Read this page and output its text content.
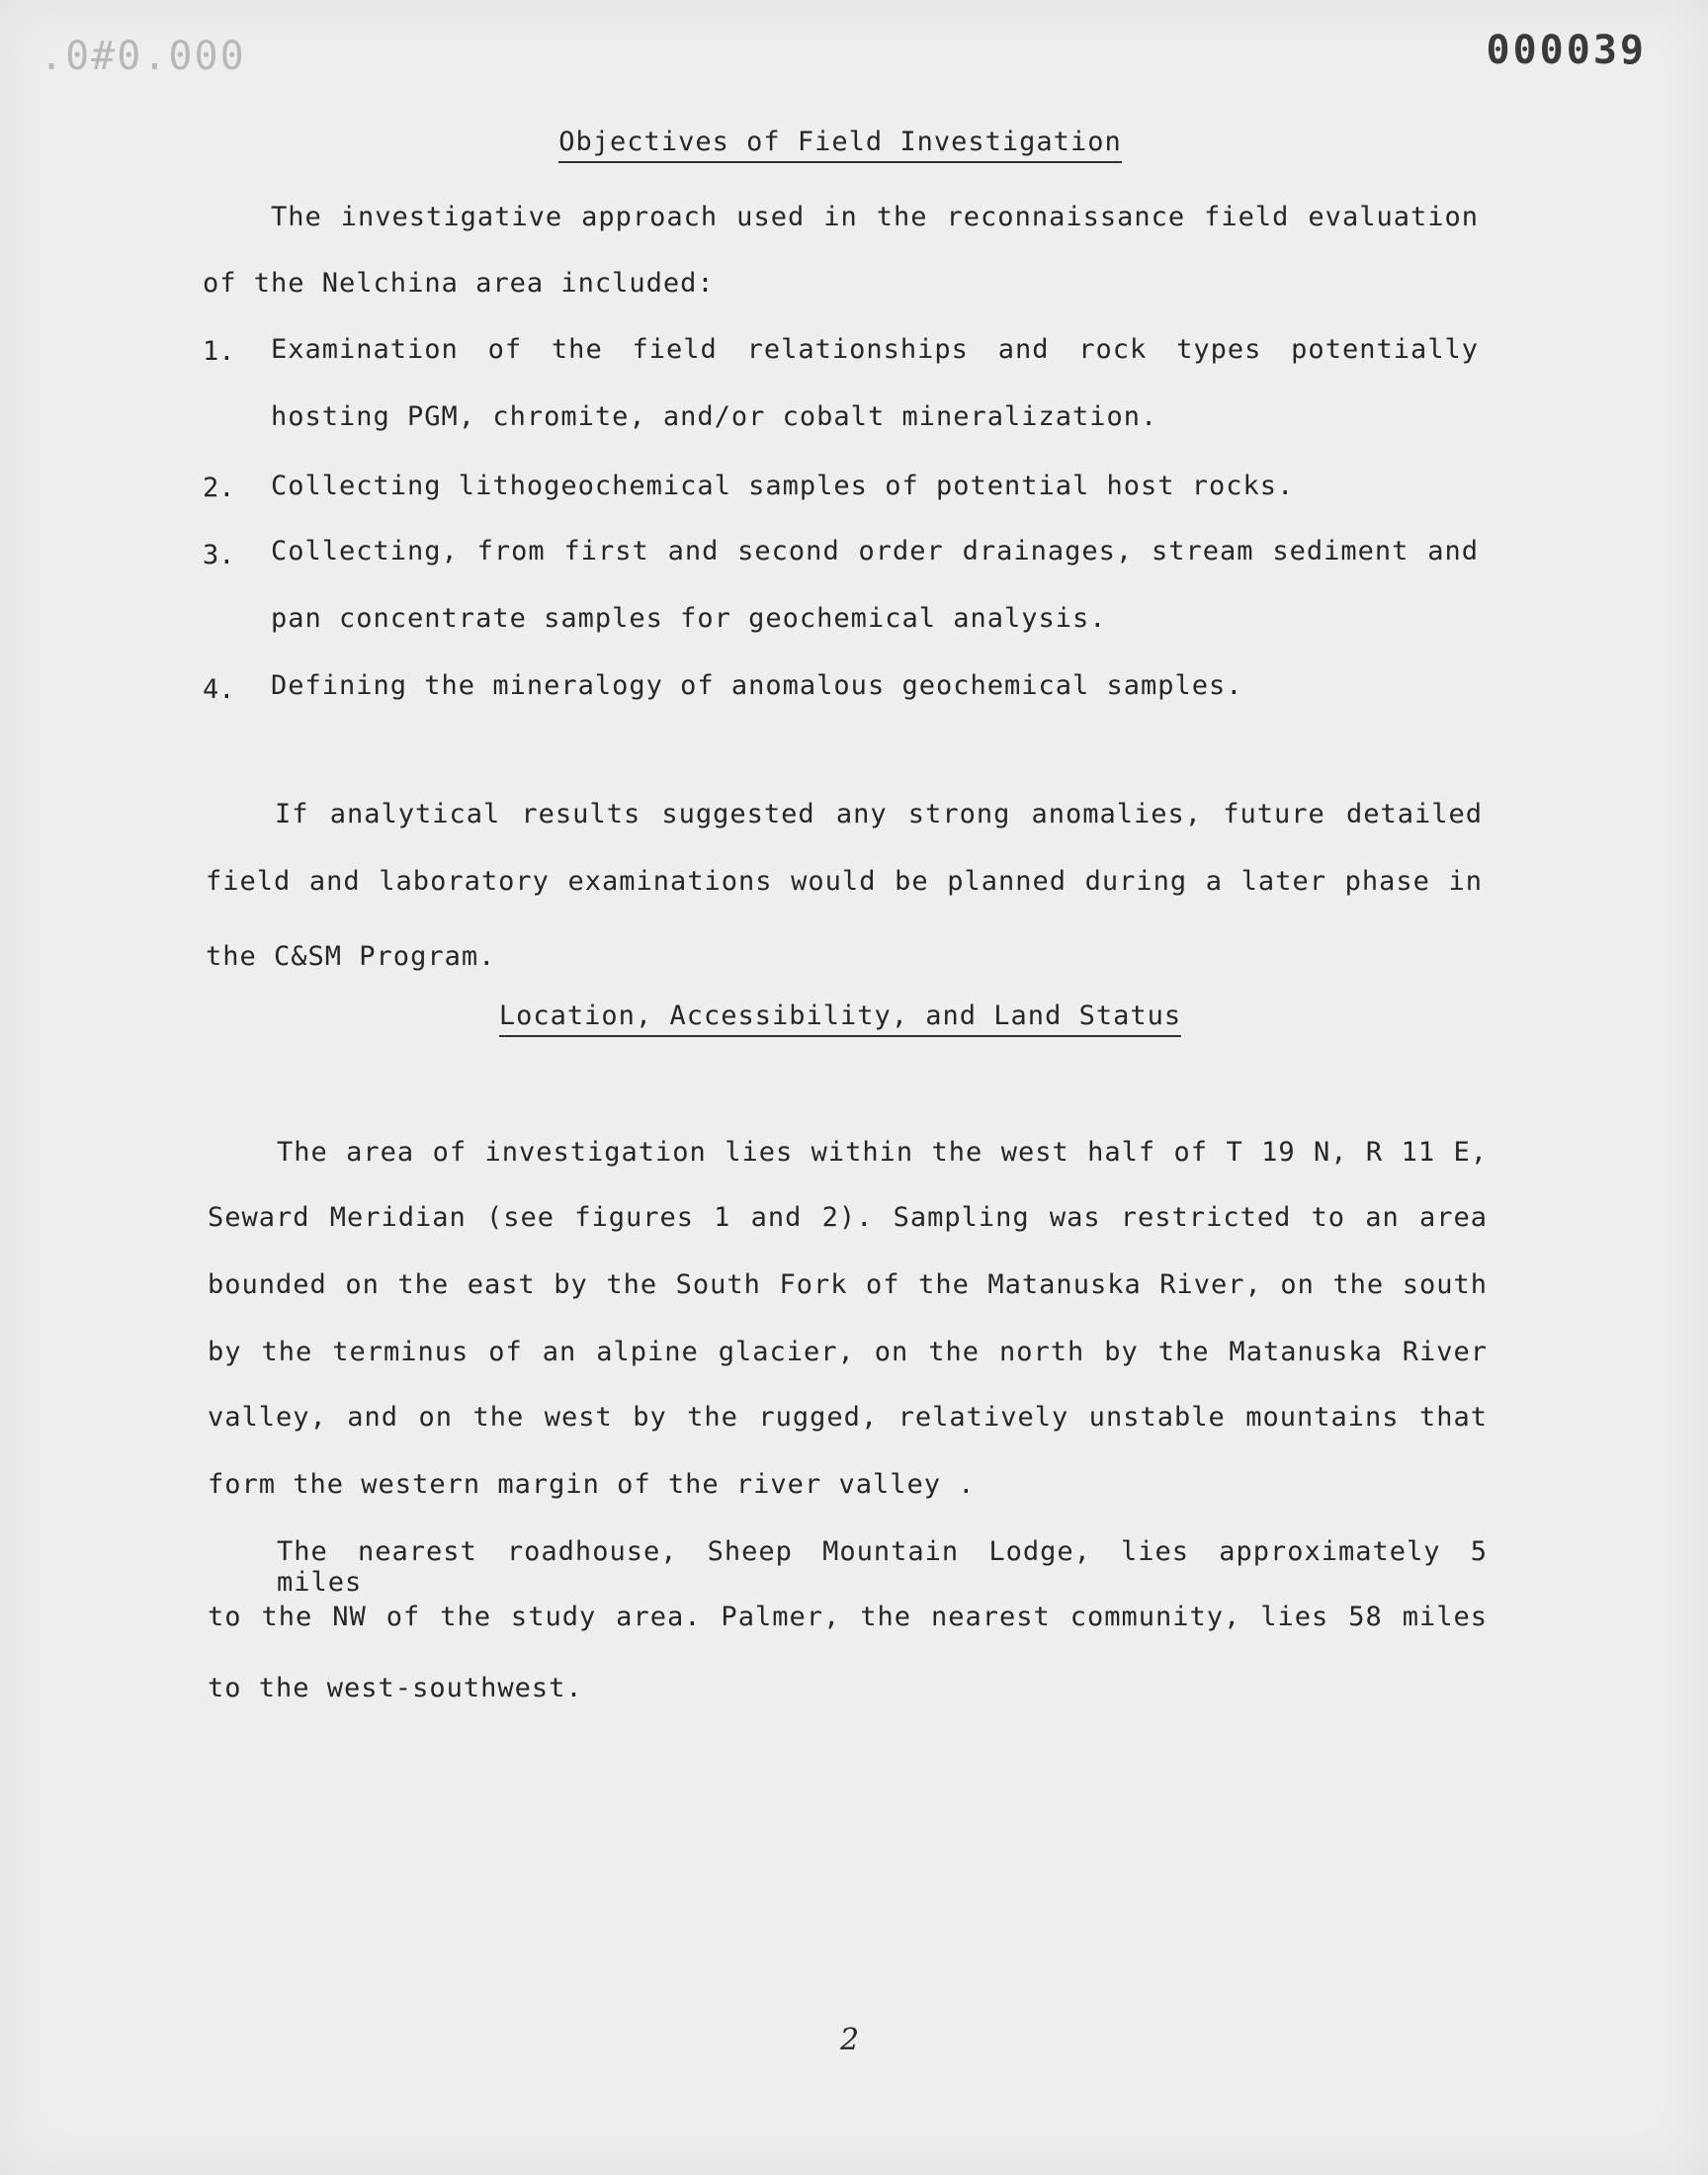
.0#0.000	000039
Objectives of Field Investigation
The investigative approach used in the reconnaissance field evaluation
of the Nelchina area included:
1. Examination of the field relationships and rock types potentially
hosting PGM, chromite, and/or cobalt mineralization.
2. Collecting lithogeochemical samples of potential host rocks.
3. Collecting, from first and second order drainages, stream sediment and
pan concentrate samples for geochemical analysis.
4. Defining the mineralogy of anomalous geochemical samples.
If analytical results suggested any strong anomalies, future detailed
field and laboratory examinations would be planned during a later phase in
the C&SM Program.
Location, Accessibility, and Land Status
The area of investigation lies within the west half of T 19 N, R 11 E,
Seward Meridian (see figures 1 and 2). Sampling was restricted to an area
bounded on the east by the South Fork of the Matanuska River, on the south
by the terminus of an alpine glacier, on the north by the Matanuska River
valley, and on the west by the rugged, relatively unstable mountains that
form the western margin of the river valley .
The nearest roadhouse, Sheep Mountain Lodge, lies approximately 5 miles
to the NW of the study area. Palmer, the nearest community, lies 58 miles
to the west-southwest.
2
